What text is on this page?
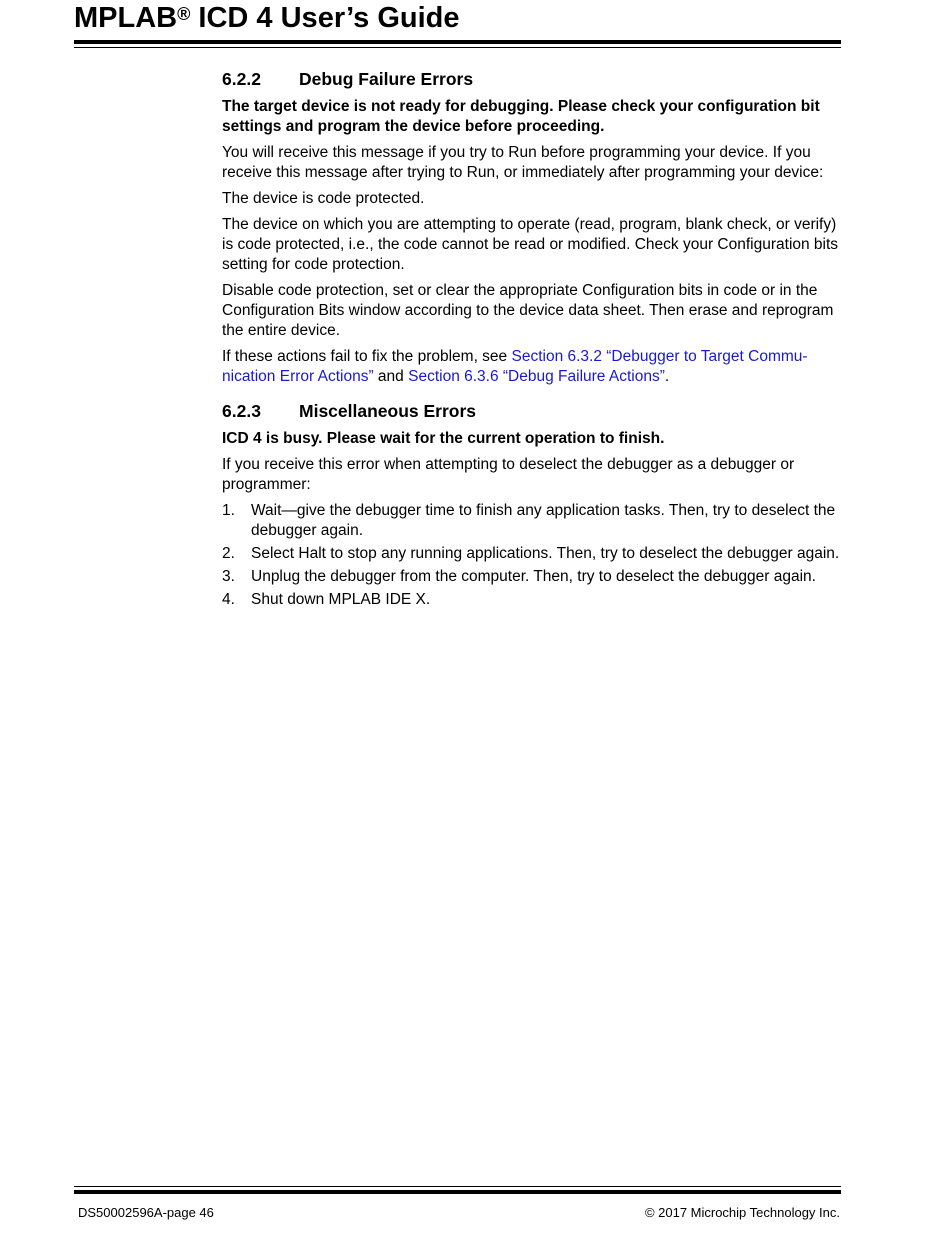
MPLAB® ICD 4 User’s Guide
6.2.2 Debug Failure Errors

The target device is not ready for debugging. Please check your configuration bit settings and program the device before proceeding.

You will receive this message if you try to Run before programming your device. If you receive this message after trying to Run, or immediately after programming your device:

The device is code protected.

The device on which you are attempting to operate (read, program, blank check, or verify) is code protected, i.e., the code cannot be read or modified. Check your Configuration bits setting for code protection.

Disable code protection, set or clear the appropriate Configuration bits in code or in the Configuration Bits window according to the device data sheet. Then erase and reprogram the entire device.

If these actions fail to fix the problem, see Section 6.3.2 “Debugger to Target Communication Error Actions” and Section 6.3.6 “Debug Failure Actions”.

6.2.3 Miscellaneous Errors

ICD 4 is busy. Please wait for the current operation to finish.

If you receive this error when attempting to deselect the debugger as a debugger or programmer:

1. Wait—give the debugger time to finish any application tasks. Then, try to deselect the debugger again.
2. Select Halt to stop any running applications. Then, try to deselect the debugger again.
3. Unplug the debugger from the computer. Then, try to deselect the debugger again.
4. Shut down MPLAB IDE X.
DS50002596A-page 46	© 2017 Microchip Technology Inc.
